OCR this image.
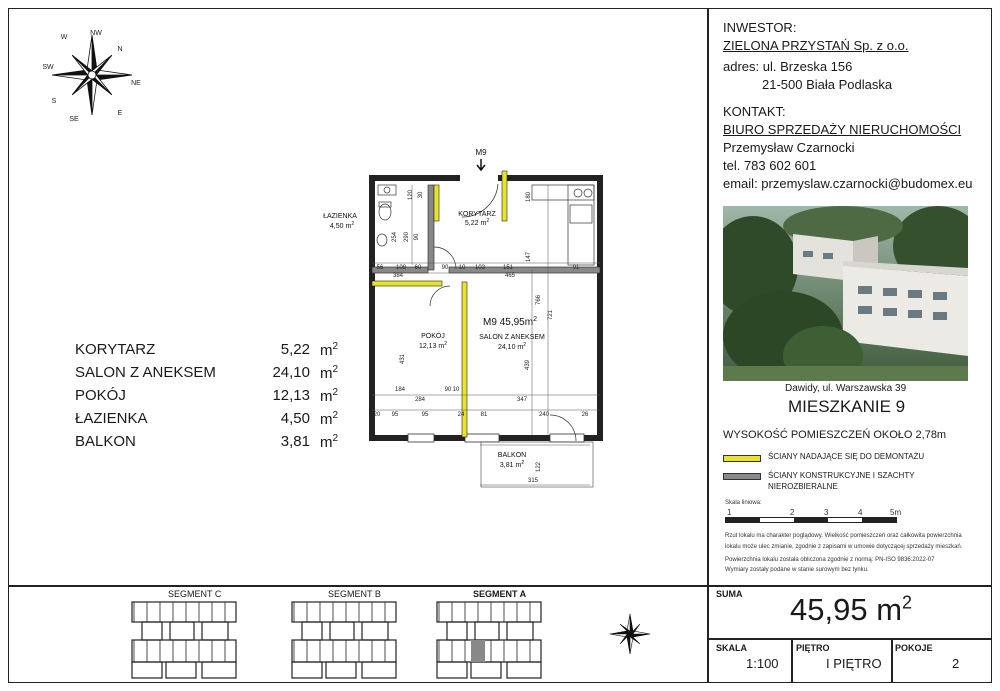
N
NW
W
SW
S
SE
E
NE
KORYTARZ	5,22 $m^2$
SALON Z ANEKSEM	24,10 $m^2$
POKÓJ	12,13 $m^2$
ŁAZIENKA	4,50 $m^2$
BALKON	3,81 $m^2$
56 108 60	90 10 103	151	91
384	465
184	90 10
284	347
20 95	95	24	81	240	26
431
439
766
721
147
180
254 290 90
120 30
315
122
ŁAZIENKA
4,50 $m^2$
KORYTARZ
5,22 $m^2$
POKÓJ
12,13 $m^2$
M9 $45,95m^2$
SALON Z ANEKSEM
24,10 $m^2$
BALKON
3,81 $m^2$
M9
INWESTOR:
ZIELONA PRZYSTAŃ Sp. z o.o.
adres: ul. Brzeska 156
21-500 Biała Podlaska
KONTAKT:
BIURO SPRZEDAŻY NIERUCHOMOŚCI
Przemysław Czarnocki
tel. 783 602 601
email: przemyslaw.czarnocki@budomex.eu
Dawidy, ul. Warszawska 39
MIESZKANIE 9
WYSOKOŚĆ POMIESZCZEŃ OKOŁO 2,78m
ŚCIANY NADAJĄCE SIĘ DO DEMONTAŻU
ŚCIANY KONSTRUKCYJNE I SZACHTY
NIEROZBIERALNE
Skala liniowa:
1	2	3	4	5m
Rzut lokalu ma charakter poglądowy. Wielkość pomieszczeń oraz całkowita powierzchnia
lokalu może ulec zmianie, zgodnie z zapisami w umowie dotyczącej sprzedaży mieszkań.
Powierzchnia lokalu została obliczona zgodnie z normą: PN-ISO 9836:2022-07
Wymiary zostały podane w stanie surowym bez tynku.
SUMA 45,95 $m^2$
SKALA
1:100
PIĘTRO
I PIĘTRO
POKOJE
2
SEGMENT C	SEGMENT B	SEGMENT A
